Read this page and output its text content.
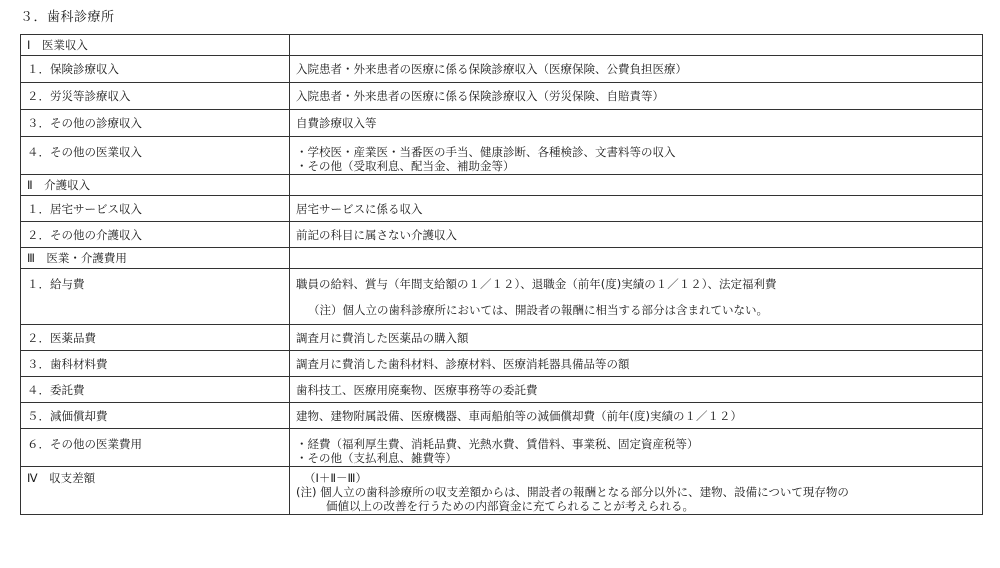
３．歯科診療所
Ⅰ　医業収入	
１．保険診療収入	入院患者・外来患者の医療に係る保険診療収入（医療保険、公費負担医療）
２．労災等診療収入	入院患者・外来患者の医療に係る保険診療収入（労災保険、自賠責等）
３．その他の診療収入	自費診療収入等
４．その他の医業収入	・学校医・産業医・当番医の手当、健康診断、各種検診、文書料等の収入
・その他（受取利息、配当金、補助金等）

Ⅱ　介護収入	
１．居宅サービス収入	居宅サービスに係る収入
２．その他の介護収入	前記の科目に属さない介護収入
Ⅲ　医業・介護費用	
１．給与費	職員の給料、賞与（年間支給額の１／１２）、退職金（前年(度)実績の１／１２）、法定福利費
（注）個人立の歯科診療所においては、開設者の報酬に相当する部分は含まれていない。

２．医薬品費	調査月に費消した医薬品の購入額
３．歯科材料費	調査月に費消した歯科材料、診療材料、医療消耗器具備品等の額
４．委託費	歯科技工、医療用廃棄物、医療事務等の委託費
５．減価償却費	建物、建物附属設備、医療機器、車両船舶等の減価償却費（前年(度)実績の１／１２）
６．その他の医業費用	・経費（福利厚生費、消耗品費、光熱水費、賃借料、事業税、固定資産税等）
・その他（支払利息、雑費等）

Ⅳ　収支差額	（Ⅰ＋Ⅱ－Ⅲ）
(注) 個人立の歯科診療所の収支差額からは、開設者の報酬となる部分以外に、建物、設備について現存物の
価値以上の改善を行うための内部資金に充てられることが考えられる。
